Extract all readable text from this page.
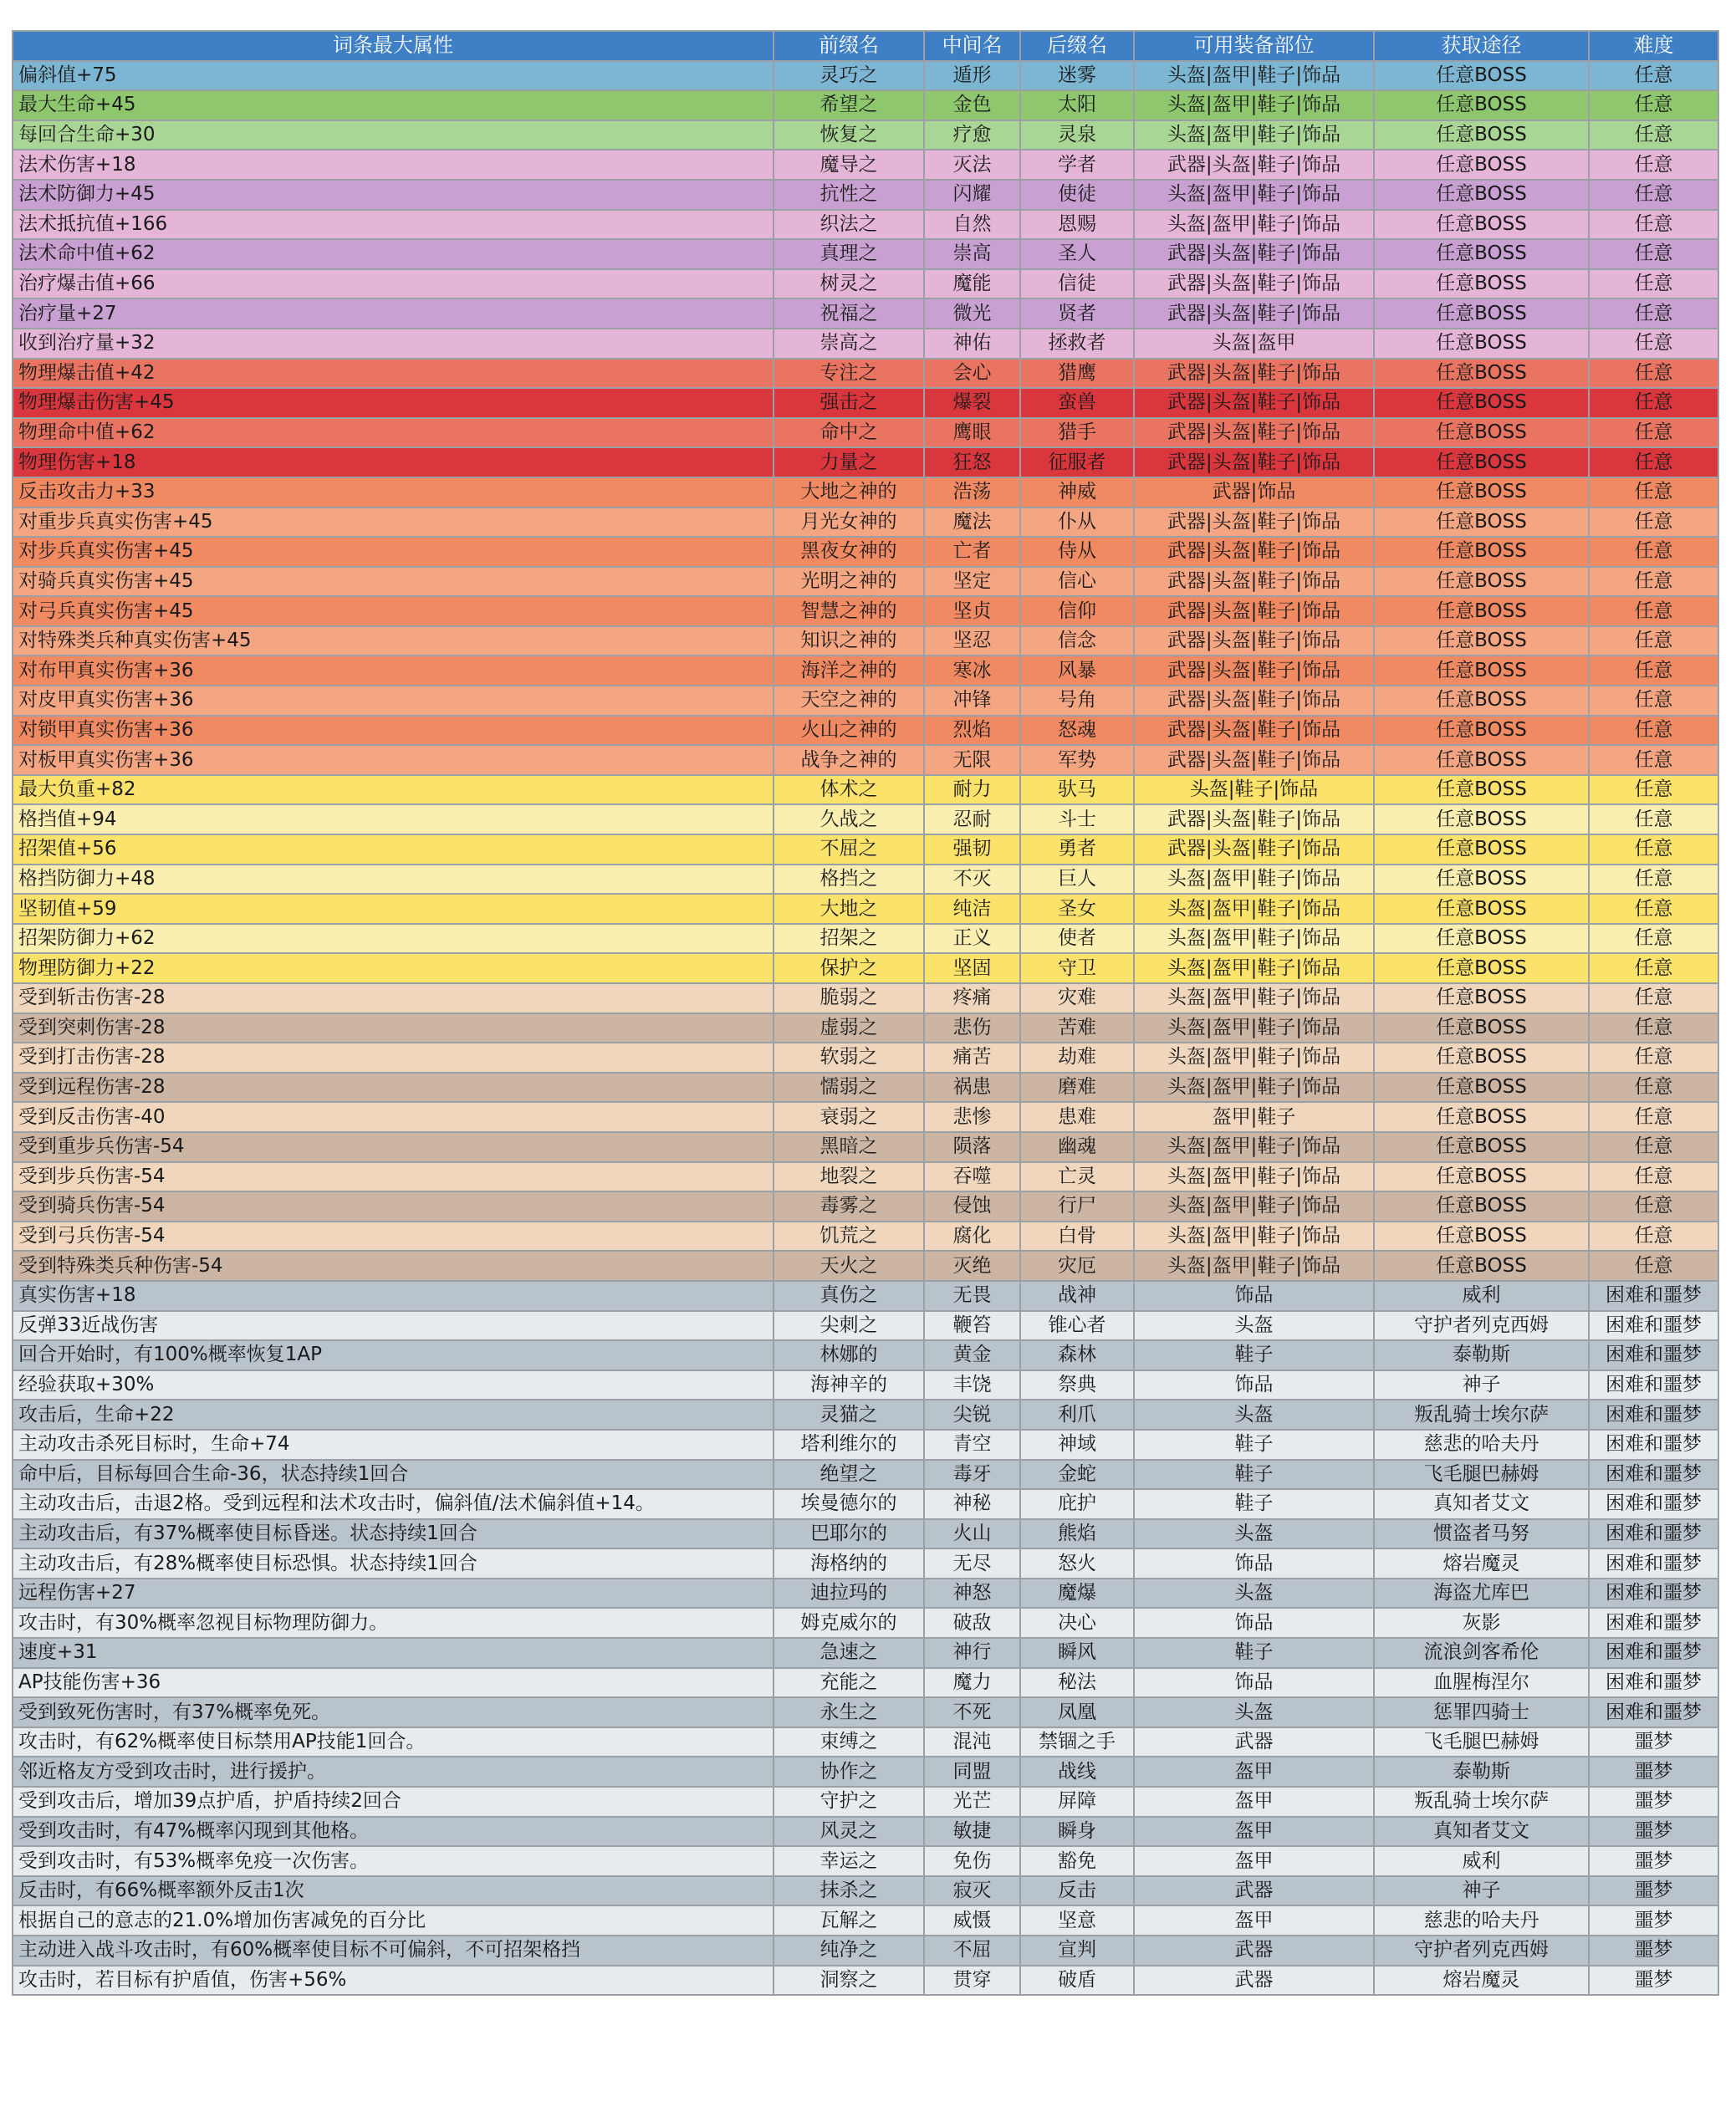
词条最大属性	前缀名	中间名	后缀名	可用装备部位	获取途径	难度
偏斜值+75	灵巧之	遁形	迷雾	头盔|盔甲|鞋子|饰品	任意BOSS	任意
最大生命+45	希望之	金色	太阳	头盔|盔甲|鞋子|饰品	任意BOSS	任意
每回合生命+30	恢复之	疗愈	灵泉	头盔|盔甲|鞋子|饰品	任意BOSS	任意
法术伤害+18	魔导之	灭法	学者	武器|头盔|鞋子|饰品	任意BOSS	任意
法术防御力+45	抗性之	闪耀	使徒	头盔|盔甲|鞋子|饰品	任意BOSS	任意
法术抵抗值+166	织法之	自然	恩赐	头盔|盔甲|鞋子|饰品	任意BOSS	任意
法术命中值+62	真理之	崇高	圣人	武器|头盔|鞋子|饰品	任意BOSS	任意
治疗爆击值+66	树灵之	魔能	信徒	武器|头盔|鞋子|饰品	任意BOSS	任意
治疗量+27	祝福之	微光	贤者	武器|头盔|鞋子|饰品	任意BOSS	任意
收到治疗量+32	崇高之	神佑	拯救者	头盔|盔甲	任意BOSS	任意
物理爆击值+42	专注之	会心	猎鹰	武器|头盔|鞋子|饰品	任意BOSS	任意
物理爆击伤害+45	强击之	爆裂	蛮兽	武器|头盔|鞋子|饰品	任意BOSS	任意
物理命中值+62	命中之	鹰眼	猎手	武器|头盔|鞋子|饰品	任意BOSS	任意
物理伤害+18	力量之	狂怒	征服者	武器|头盔|鞋子|饰品	任意BOSS	任意
反击攻击力+33	大地之神的	浩荡	神威	武器|饰品	任意BOSS	任意
对重步兵真实伤害+45	月光女神的	魔法	仆从	武器|头盔|鞋子|饰品	任意BOSS	任意
对步兵真实伤害+45	黑夜女神的	亡者	侍从	武器|头盔|鞋子|饰品	任意BOSS	任意
对骑兵真实伤害+45	光明之神的	坚定	信心	武器|头盔|鞋子|饰品	任意BOSS	任意
对弓兵真实伤害+45	智慧之神的	坚贞	信仰	武器|头盔|鞋子|饰品	任意BOSS	任意
对特殊类兵种真实伤害+45	知识之神的	坚忍	信念	武器|头盔|鞋子|饰品	任意BOSS	任意
对布甲真实伤害+36	海洋之神的	寒冰	风暴	武器|头盔|鞋子|饰品	任意BOSS	任意
对皮甲真实伤害+36	天空之神的	冲锋	号角	武器|头盔|鞋子|饰品	任意BOSS	任意
对锁甲真实伤害+36	火山之神的	烈焰	怒魂	武器|头盔|鞋子|饰品	任意BOSS	任意
对板甲真实伤害+36	战争之神的	无限	军势	武器|头盔|鞋子|饰品	任意BOSS	任意
最大负重+82	体术之	耐力	驮马	头盔|鞋子|饰品	任意BOSS	任意
格挡值+94	久战之	忍耐	斗士	武器|头盔|鞋子|饰品	任意BOSS	任意
招架值+56	不屈之	强韧	勇者	武器|头盔|鞋子|饰品	任意BOSS	任意
格挡防御力+48	格挡之	不灭	巨人	头盔|盔甲|鞋子|饰品	任意BOSS	任意
坚韧值+59	大地之	纯洁	圣女	头盔|盔甲|鞋子|饰品	任意BOSS	任意
招架防御力+62	招架之	正义	使者	头盔|盔甲|鞋子|饰品	任意BOSS	任意
物理防御力+22	保护之	坚固	守卫	头盔|盔甲|鞋子|饰品	任意BOSS	任意
受到斩击伤害-28	脆弱之	疼痛	灾难	头盔|盔甲|鞋子|饰品	任意BOSS	任意
受到突刺伤害-28	虚弱之	悲伤	苦难	头盔|盔甲|鞋子|饰品	任意BOSS	任意
受到打击伤害-28	软弱之	痛苦	劫难	头盔|盔甲|鞋子|饰品	任意BOSS	任意
受到远程伤害-28	懦弱之	祸患	磨难	头盔|盔甲|鞋子|饰品	任意BOSS	任意
受到反击伤害-40	衰弱之	悲惨	患难	盔甲|鞋子	任意BOSS	任意
受到重步兵伤害-54	黑暗之	陨落	幽魂	头盔|盔甲|鞋子|饰品	任意BOSS	任意
受到步兵伤害-54	地裂之	吞噬	亡灵	头盔|盔甲|鞋子|饰品	任意BOSS	任意
受到骑兵伤害-54	毒雾之	侵蚀	行尸	头盔|盔甲|鞋子|饰品	任意BOSS	任意
受到弓兵伤害-54	饥荒之	腐化	白骨	头盔|盔甲|鞋子|饰品	任意BOSS	任意
受到特殊类兵种伤害-54	天火之	灭绝	灾厄	头盔|盔甲|鞋子|饰品	任意BOSS	任意
真实伤害+18	真伤之	无畏	战神	饰品	威利	困难和噩梦
反弹33近战伤害	尖刺之	鞭笞	锥心者	头盔	守护者列克西姆	困难和噩梦
回合开始时，有100%概率恢复1AP	林娜的	黄金	森林	鞋子	泰勒斯	困难和噩梦
经验获取+30%	海神辛的	丰饶	祭典	饰品	神子	困难和噩梦
攻击后，生命+22	灵猫之	尖锐	利爪	头盔	叛乱骑士埃尔萨	困难和噩梦
主动攻击杀死目标时，生命+74	塔利维尔的	青空	神域	鞋子	慈悲的哈夫丹	困难和噩梦
命中后，目标每回合生命-36，状态持续1回合	绝望之	毒牙	金蛇	鞋子	飞毛腿巴赫姆	困难和噩梦
主动攻击后，击退2格。受到远程和法术攻击时，偏斜值/法术偏斜值+14。	埃曼德尔的	神秘	庇护	鞋子	真知者艾文	困难和噩梦
主动攻击后，有37%概率使目标昏迷。状态持续1回合	巴耶尔的	火山	熊焰	头盔	惯盗者马努	困难和噩梦
主动攻击后，有28%概率使目标恐惧。状态持续1回合	海格纳的	无尽	怒火	饰品	熔岩魔灵	困难和噩梦
远程伤害+27	迪拉玛的	神怒	魔爆	头盔	海盗尤库巴	困难和噩梦
攻击时，有30%概率忽视目标物理防御力。	姆克威尔的	破敌	决心	饰品	灰影	困难和噩梦
速度+31	急速之	神行	瞬风	鞋子	流浪剑客希伦	困难和噩梦
AP技能伤害+36	充能之	魔力	秘法	饰品	血腥梅涅尔	困难和噩梦
受到致死伤害时，有37%概率免死。	永生之	不死	凤凰	头盔	惩罪四骑士	困难和噩梦
攻击时，有62%概率使目标禁用AP技能1回合。	束缚之	混沌	禁锢之手	武器	飞毛腿巴赫姆	噩梦
邻近格友方受到攻击时，进行援护。	协作之	同盟	战线	盔甲	泰勒斯	噩梦
受到攻击后，增加39点护盾，护盾持续2回合	守护之	光芒	屏障	盔甲	叛乱骑士埃尔萨	噩梦
受到攻击时，有47%概率闪现到其他格。	风灵之	敏捷	瞬身	盔甲	真知者艾文	噩梦
受到攻击时，有53%概率免疫一次伤害。	幸运之	免伤	豁免	盔甲	威利	噩梦
反击时，有66%概率额外反击1次	抹杀之	寂灭	反击	武器	神子	噩梦
根据自己的意志的21.0%增加伤害减免的百分比	瓦解之	威慑	坚意	盔甲	慈悲的哈夫丹	噩梦
主动进入战斗攻击时，有60%概率使目标不可偏斜，不可招架格挡	纯净之	不屈	宣判	武器	守护者列克西姆	噩梦
攻击时，若目标有护盾值，伤害+56%	洞察之	贯穿	破盾	武器	熔岩魔灵	噩梦
